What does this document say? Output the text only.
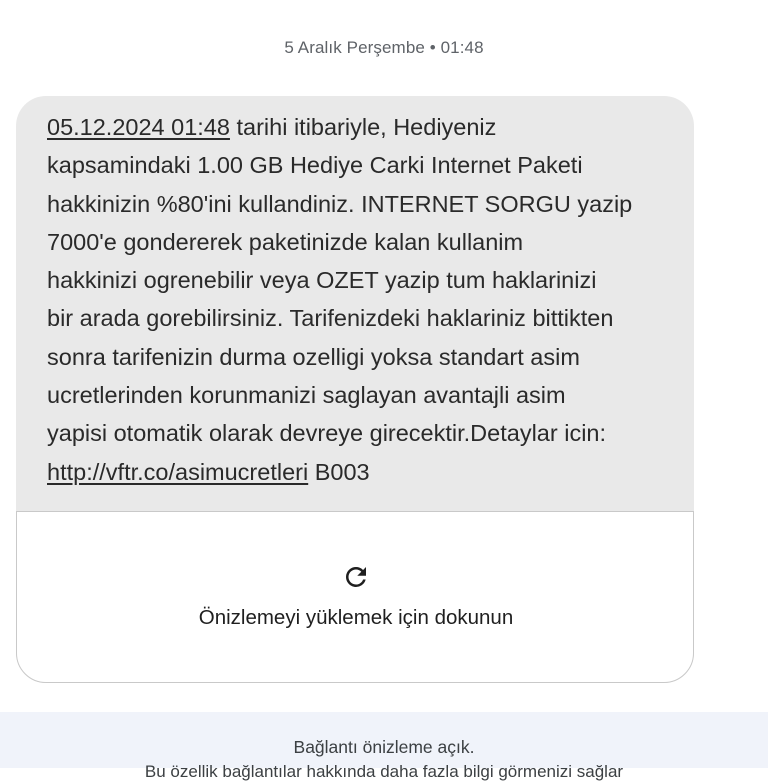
5 Aralık Perşembe • 01:48
05.12.2024 01:48 tarihi itibariyle, Hediyeniz
kapsamindaki 1.00 GB Hediye Carki Internet Paketi
hakkinizin %80'ini kullandiniz. INTERNET SORGU yazip
7000'e gondererek paketinizde kalan kullanim
hakkinizi ogrenebilir veya OZET yazip tum haklarinizi
bir arada gorebilirsiniz. Tarifenizdeki haklariniz bittikten
sonra tarifenizin durma ozelligi yoksa standart asim
ucretlerinden korunmanizi saglayan avantajli asim
yapisi otomatik olarak devreye girecektir.Detaylar icin:
http://vftr.co/asimucretleri B003
Önizlemeyi yüklemek için dokunun
Bağlantı önizleme açık.
Bu özellik bağlantılar hakkında daha fazla bilgi görmenizi sağlar
